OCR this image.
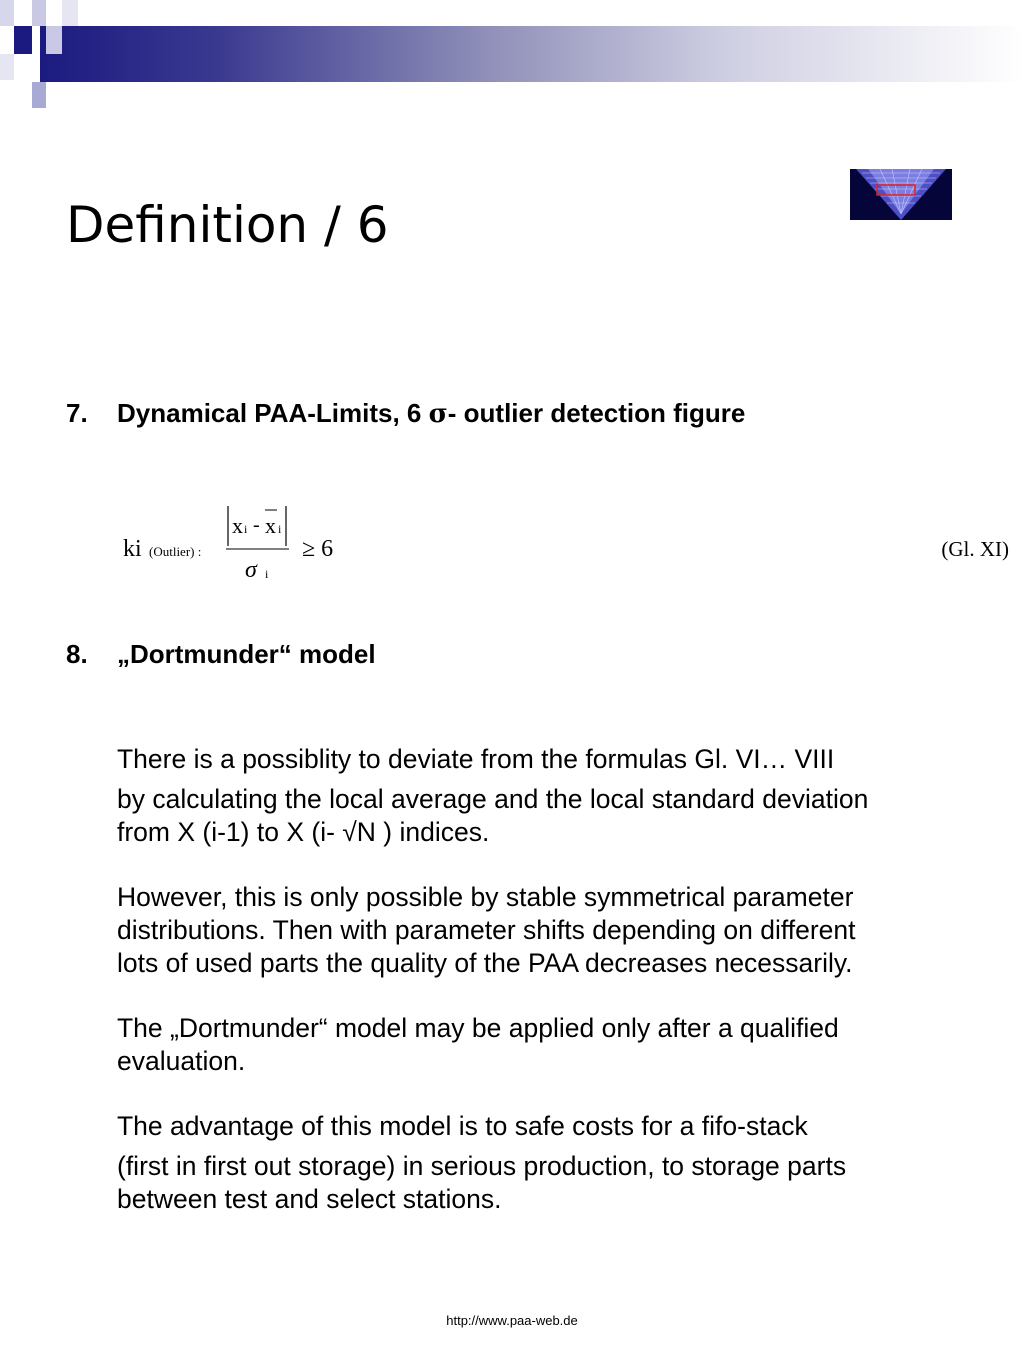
Definition / 6
7. Dynamical PAA-Limits, 6 σ- outlier detection figure
ki (Outlier) :
x i - x i
σ i
≥ 6	(Gl. XI)
8. „Dortmunder“ model
There is a possiblity to deviate from the formulas Gl. VI… VIII
by calculating the local average and the local standard deviation
from X (i-1) to X (i- √N ) indices.
However, this is only possible by stable symmetrical parameter
distributions. Then with parameter shifts depending on different
lots of used parts the quality of the PAA decreases necessarily.
The „Dortmunder“ model may be applied only after a qualified
evaluation.
The advantage of this model is to safe costs for a fifo-stack
(first in first out storage) in serious production, to storage parts
between test and select stations.
http://www.paa-web.de
